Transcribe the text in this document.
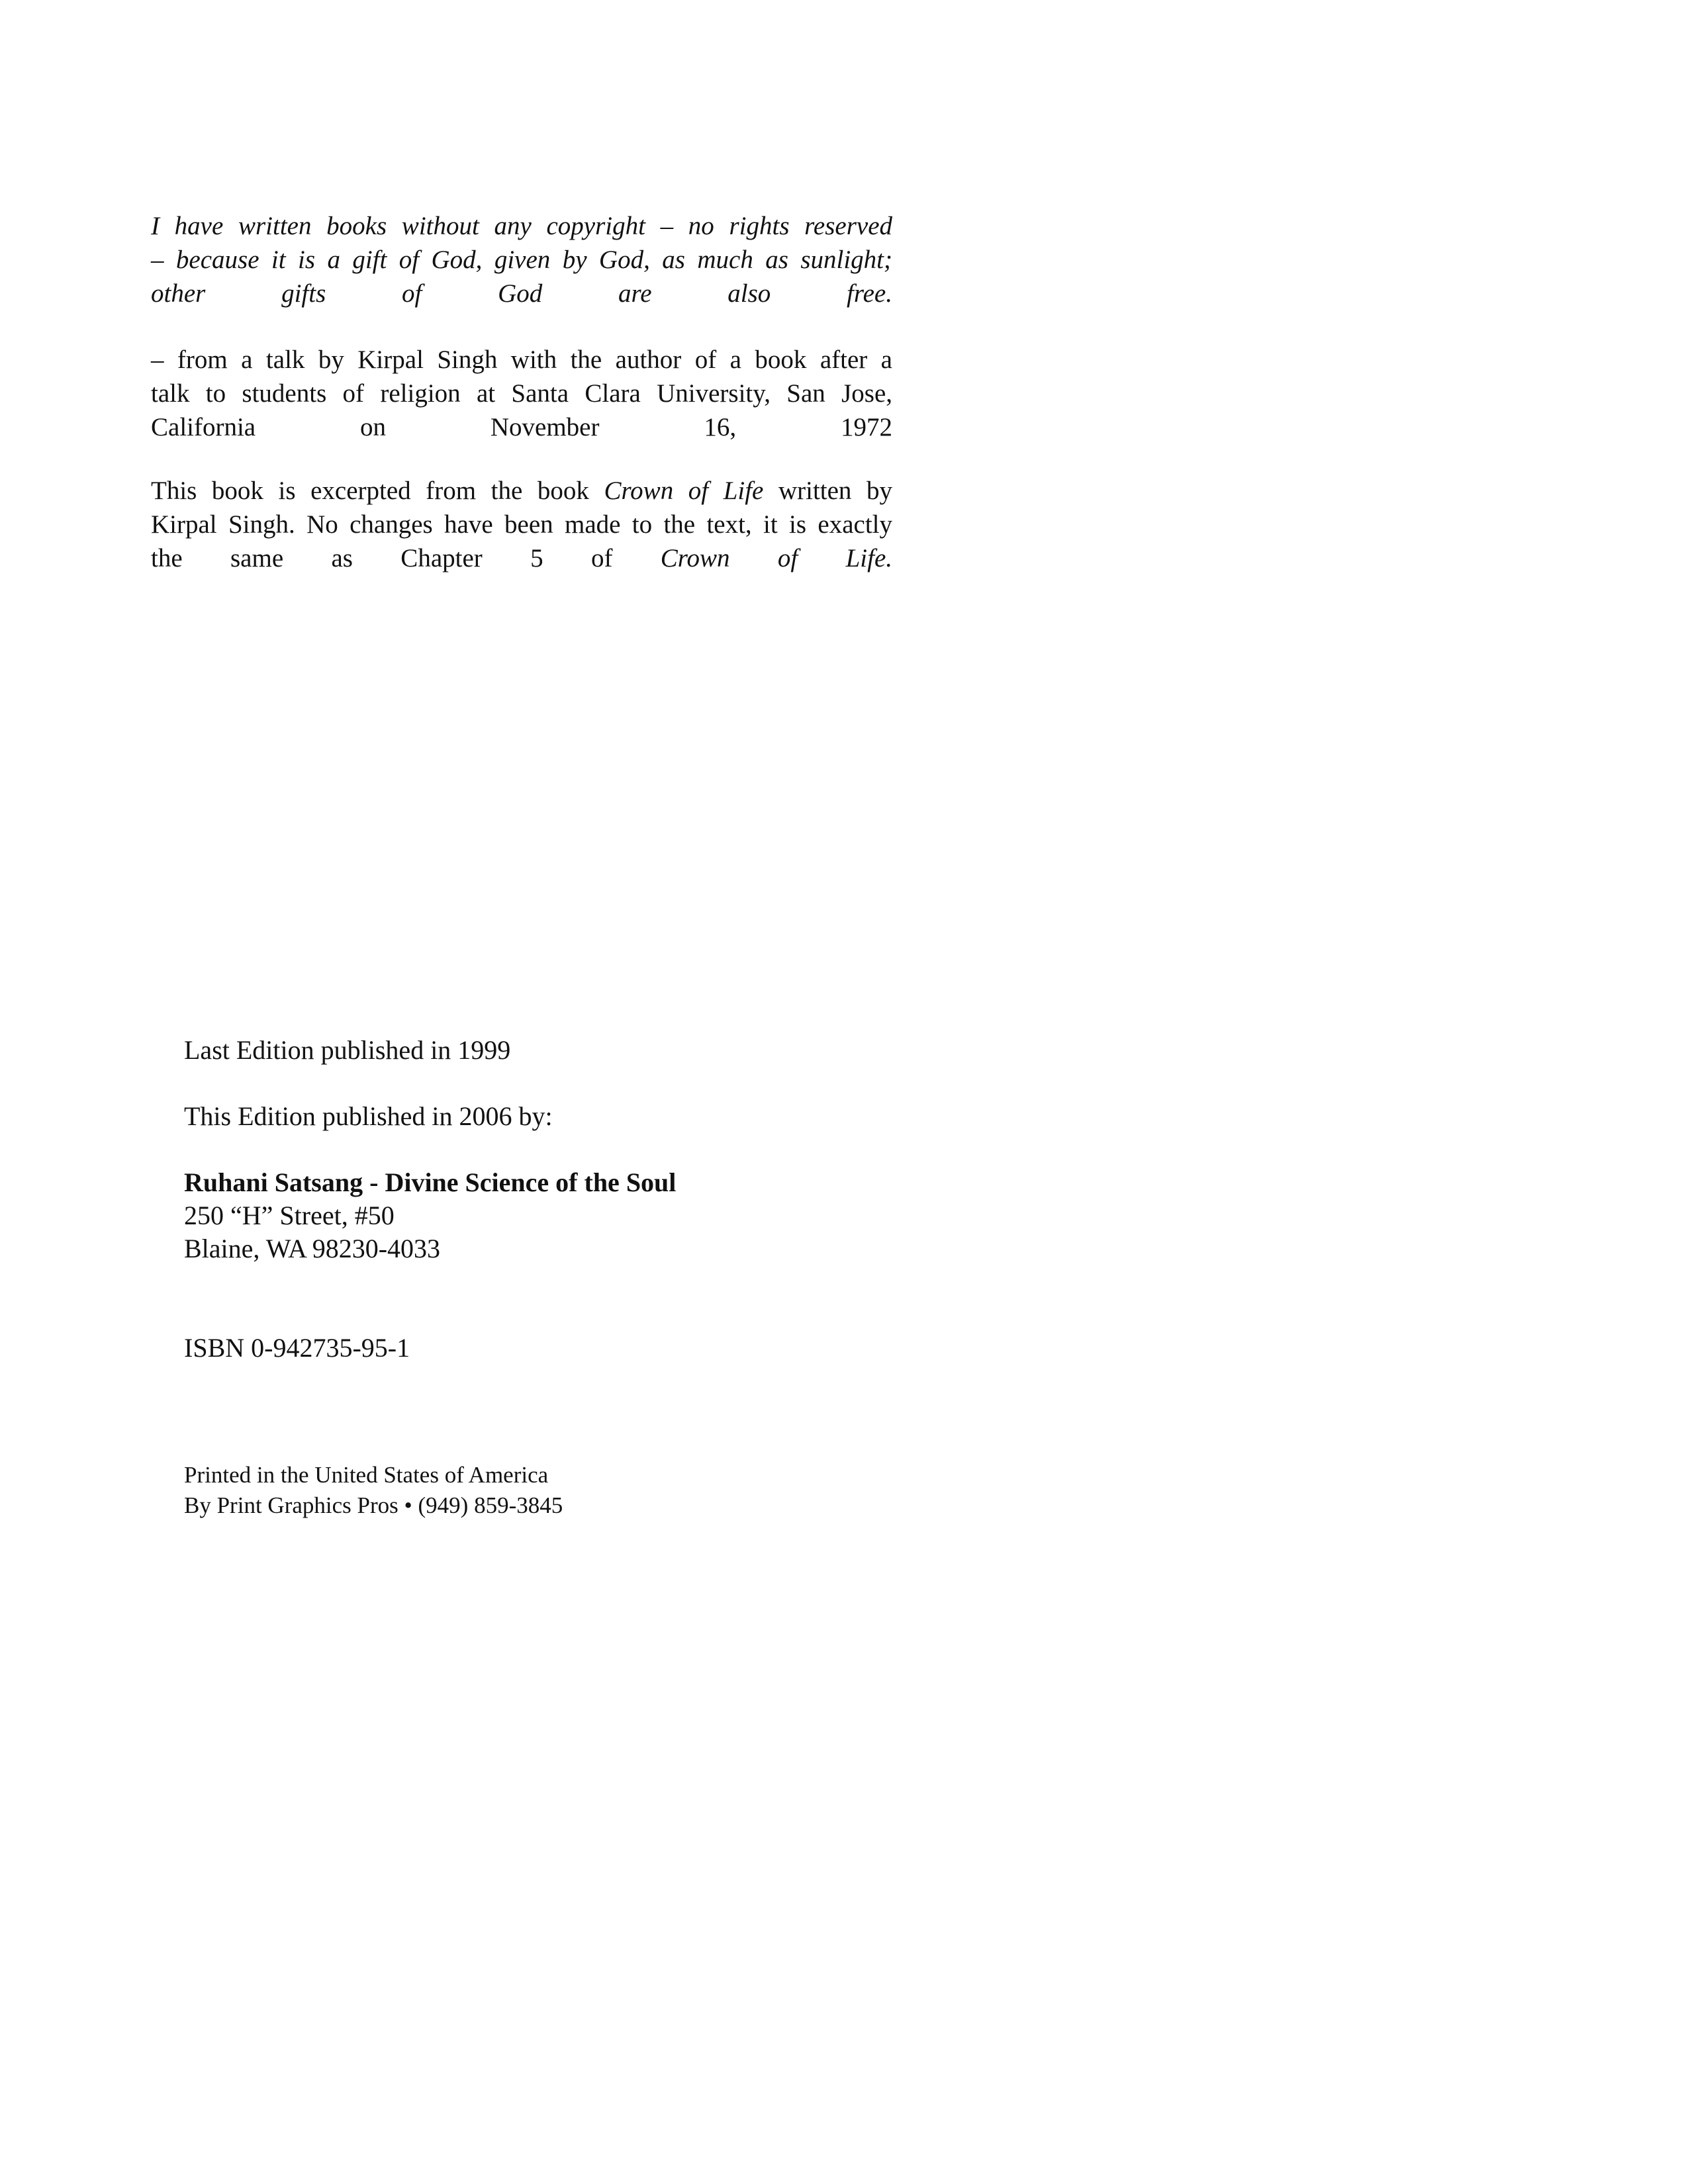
I have written books without any copyright – no rights reserved
– because it is a gift of God, given by God, as much as sunlight;
other gifts of God are also free.
– from a talk by Kirpal Singh with the author of a book after a
talk to students of religion at Santa Clara University, San Jose,
California on November 16, 1972
This book is excerpted from the book Crown of Life written by
Kirpal Singh. No changes have been made to the text, it is exactly
the same as Chapter 5 of Crown of Life.
Last Edition published in 1999
This Edition published in 2006 by:
Ruhani Satsang - Divine Science of the Soul
250 “H” Street, #50
Blaine, WA 98230-4033
ISBN 0-942735-95-1
Printed in the United States of America
By Print Graphics Pros • (949) 859-3845
